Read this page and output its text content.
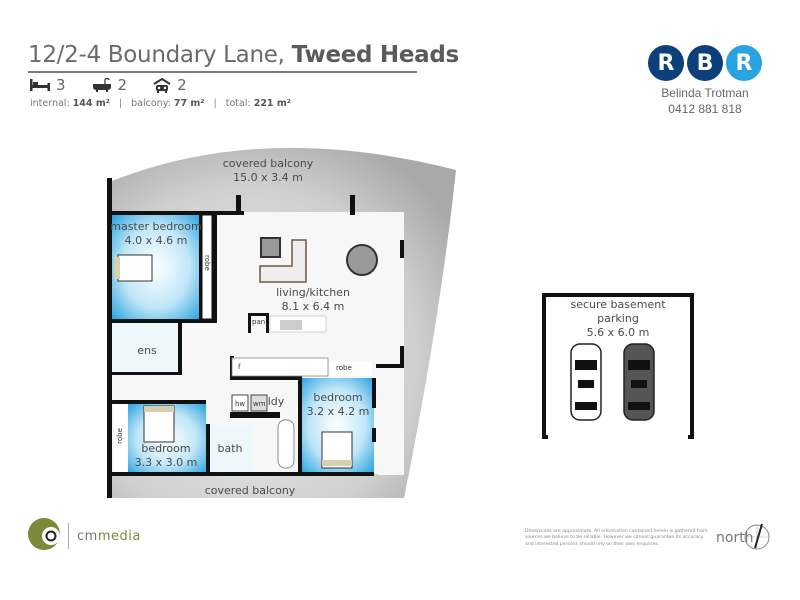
12/2-4 Boundary Lane, Tweed Heads
3	2	2
internal: 144 m² | balcony: 77 m² | total: 221 m²
R	B	R
Belinda Trotman
0412 881 818
covered balcony
15.0 x 3.4 m
master bedroom
4.0 x 4.6 m
living/kitchen
8.1 x 6.4 m
ens
bedroom
3.2 x 4.2 m
bedroom
3.3 x 3.0 m
bath
ldy
covered balcony
robe
robe
robe
pan
f
hw wm
secure basement
parking
5.6 x 6.0 m
cmmedia	Dimensions are approximate. All information contained herein is gathered from sources we believe to be reliable. However we cannot guarantee its accuracy and interested persons should rely on their own enquiries.	north
